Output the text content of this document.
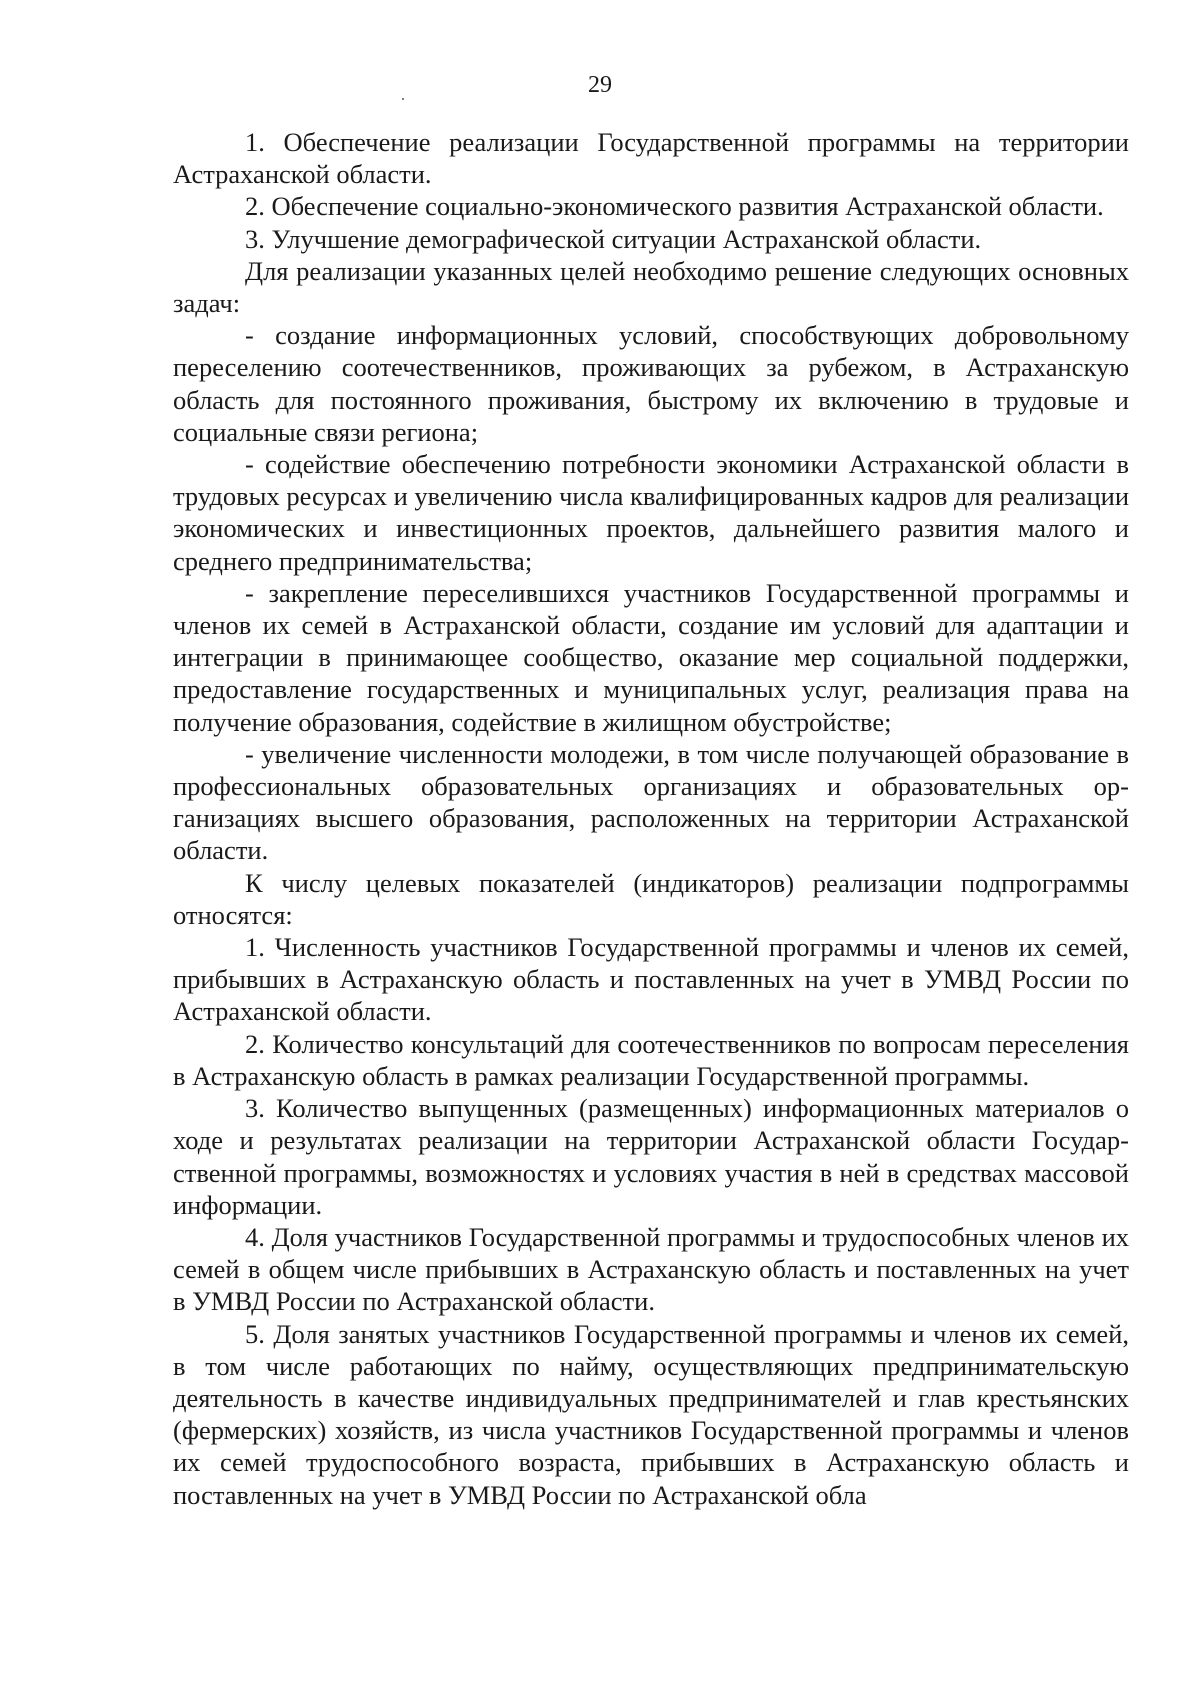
29

1. Обеспечение реализации Государственной программы на территории Астраханской области.

2. Обеспечение социально-экономического развития Астраханской области.

3. Улучшение демографической ситуации Астраханской области.

Для реализации указанных целей необходимо решение следующих основных задач:

- создание информационных условий, способствующих добровольному переселению соотечественников, проживающих за рубежом, в Астраханскую область для постоянного проживания, быстрому их включению в трудовые и социальные связи региона;

- содействие обеспечению потребности экономики Астраханской области в трудовых ресурсах и увеличению числа квалифицированных кадров для реализации экономических и инвестиционных проектов, дальнейшего развития малого и среднего предпринимательства;

- закрепление переселившихся участников Государственной программы и членов их семей в Астраханской области, создание им условий для адаптации и интеграции в принимающее сообщество, оказание мер социальной поддержки, предоставление государственных и муниципальных услуг, реализация права на получение образования, содействие в жилищном обустройстве;

- увеличение численности молодежи, в том числе получающей образование в профессиональных образовательных организациях и образовательных организациях высшего образования, расположенных на территории Астраханской области.

К числу целевых показателей (индикаторов) реализации подпрограммы относятся:

1. Численность участников Государственной программы и членов их семей, прибывших в Астраханскую область и поставленных на учет в УМВД России по Астраханской области.

2. Количество консультаций для соотечественников по вопросам переселения в Астраханскую область в рамках реализации Государственной программы.

3. Количество выпущенных (размещенных) информационных материалов о ходе и результатах реализации на территории Астраханской области Государственной программы, возможностях и условиях участия в ней в средствах массовой информации.

4. Доля участников Государственной программы и трудоспособных членов их семей в общем числе прибывших в Астраханскую область и поставленных на учет в УМВД России по Астраханской области.

5. Доля занятых участников Государственной программы и членов их семей, в том числе работающих по найму, осуществляющих предпринимательскую деятельность в качестве индивидуальных предпринимателей и глав крестьянских (фермерских) хозяйств, из числа участников Государственной программы и членов их семей трудоспособного возраста, прибывших в Астраханскую область и поставленных на учет в УМВД России по Астраханской обла
